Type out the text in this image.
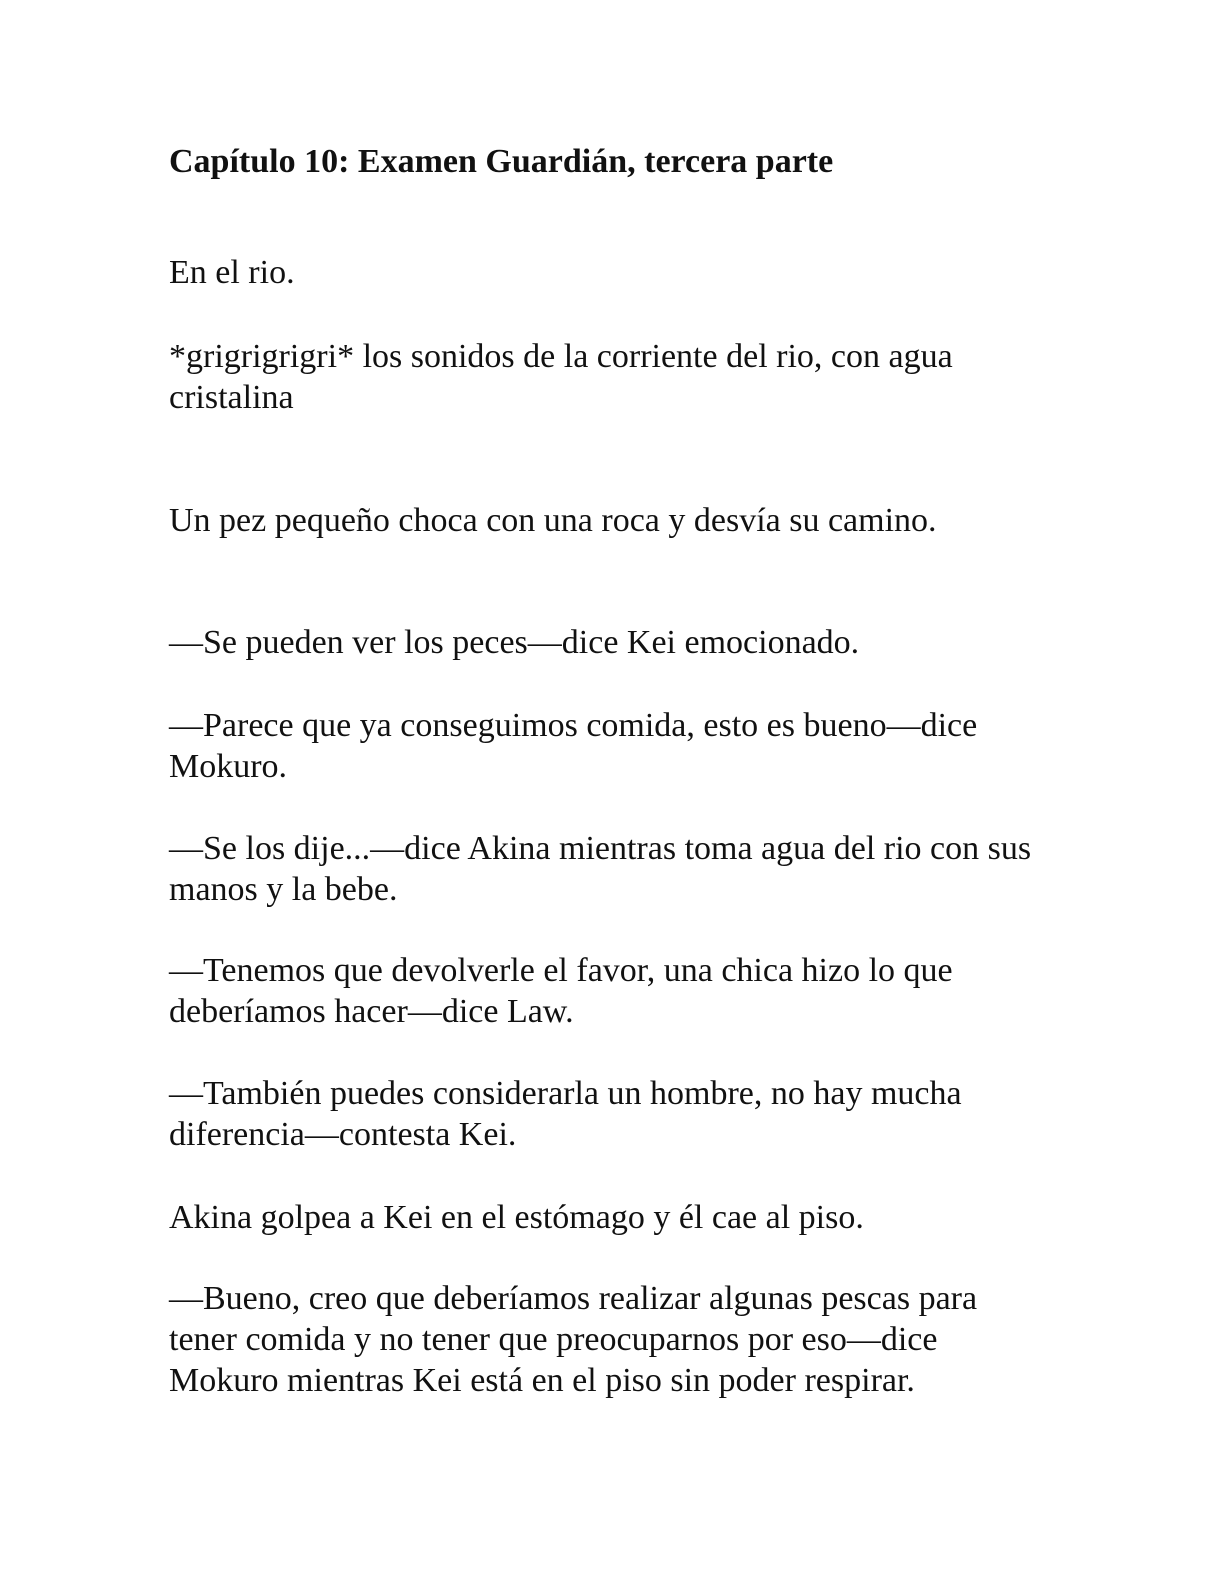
Capítulo 10: Examen Guardián, tercera parte

En el rio.

*grigrigrigri* los sonidos de la corriente del rio, con agua cristalina

Un pez pequeño choca con una roca y desvía su camino.

—Se pueden ver los peces—dice Kei emocionado.

—Parece que ya conseguimos comida, esto es bueno—dice Mokuro.

—Se los dije...—dice Akina mientras toma agua del rio con sus manos y la bebe.

—Tenemos que devolverle el favor, una chica hizo lo que deberíamos hacer—dice Law.

—También puedes considerarla un hombre, no hay mucha diferencia—contesta Kei.

Akina golpea a Kei en el estómago y él cae al piso.

—Bueno, creo que deberíamos realizar algunas pescas para tener comida y no tener que preocuparnos por eso—dice Mokuro mientras Kei está en el piso sin poder respirar.
